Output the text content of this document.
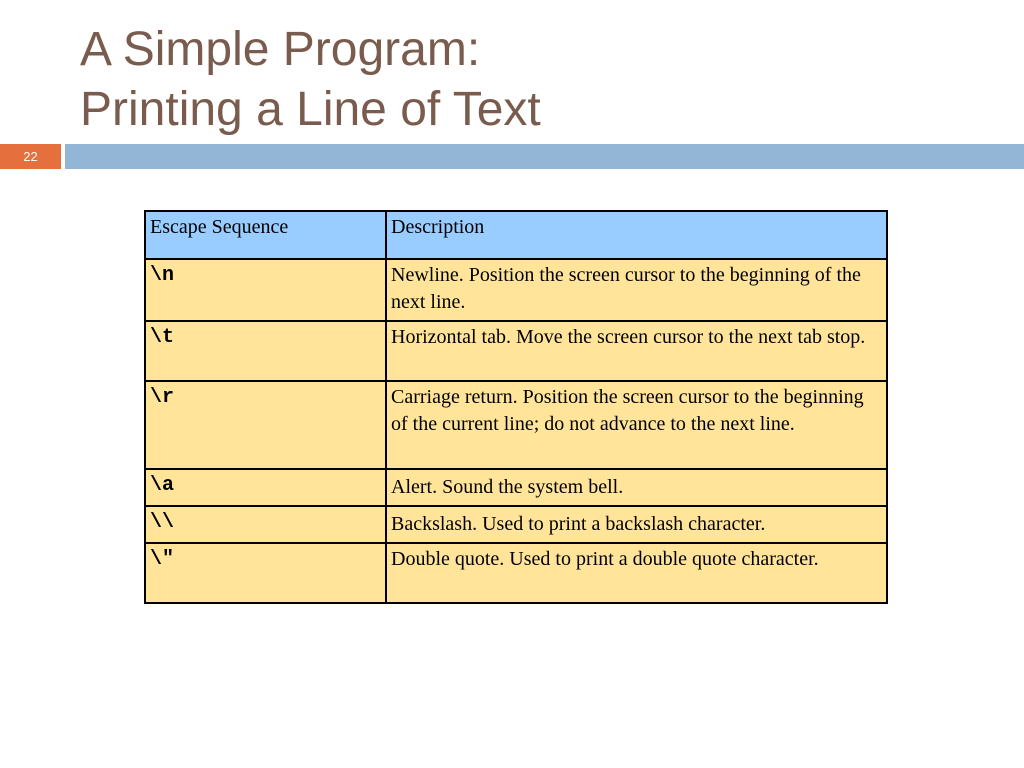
A Simple Program:
Printing a Line of Text
22
Escape Sequence	Description
\n	Newline. Position the screen cursor to the beginning of the next line.
\t	Horizontal tab. Move the screen cursor to the next tab stop.
\r	Carriage return. Position the screen cursor to the beginning of the current line; do not advance to the next line.
\a	Alert. Sound the system bell.
\\	Backslash. Used to print a backslash character.
\"	Double quote. Used to print a double quote character.
